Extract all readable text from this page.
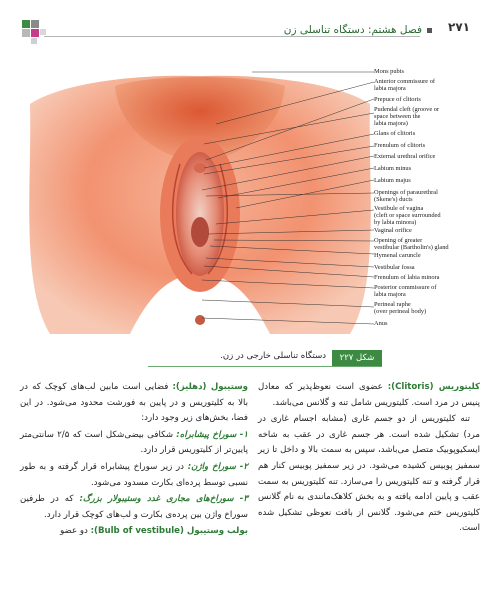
فصل هشتم: دستگاه تناسلی زن ۲۷۱
Mons pubis
Anterior commissure of
labia majora
Prepuce of clitoris
Pudendal cleft (groove or
space between the
labia majora)
Glans of clitoris
Frenulum of clitoris
External urethral orifice
Labium minus
Labium majus
Openings of paraurethral
(Skene's) ducts
Vestibule of vagina
(cleft or space surrounded
by labia minora)
Vaginal orifice
Opening of greater
vestibular (Bartholin's) gland
Hymenal caruncle
Vestibular fossa
Frenulum of labia minora
Posterior commissure of
labia majora
Perineal raphe
(over perineal body)
Anus
شکل ۲۲۷
دستگاه تناسلی خارجی در زن.

کلیتوریس (Clitoris): عضوی است نعوظ‌پذیر که معادل پنیس در مرد است. کلیتوریس شامل تنه و گلانس می‌باشد.

تنه کلیتوریس از دو جسم غاری (مشابه اجسام غاری در مرد) تشکیل شده است. هر جسم غاری در عقب به شاخه ایسکیوپوبیک متصل می‌باشد، سپس به سمت بالا و داخل تا زیر سمفیز پوبیس کشیده می‌شود. در زیر سمفیز پوبیس کنار هم قرار گرفته و تنه کلیتوریس را می‌سازد. تنه کلیتوریس به سمت عقب و پایین ادامه یافته و به بخش کلاهک‌مانندی به نام گلانس کلیتوریس ختم می‌شود. گلانس از بافت نعوظی تشکیل شده است.

وستیبول (دهلیز): فضایی است مابین لب‌های کوچک که در بالا به کلیتوریس و در پایین به فورشت محدود می‌شود. در این فضا، بخش‌های زیر وجود دارد:

۱- سوراخ پیشابراه: شکافی بیضی‌شکل است که ۲/۵ سانتی‌متر پایین‌تر از کلیتوریس قرار دارد.

۲- سوراخ واژن: در زیر سوراخ پیشابراه قرار گرفته و به طور نسبی توسط پرده‌ای بکارت مسدود می‌شود.

۳- سوراخ‌های مجاری غدد وستیبولار بزرگ: که در طرفین سوراخ واژن بین پرده‌ی بکارت و لب‌های کوچک قرار دارد.

بولب وستیبول (Bulb of vestibule): دو عضو
